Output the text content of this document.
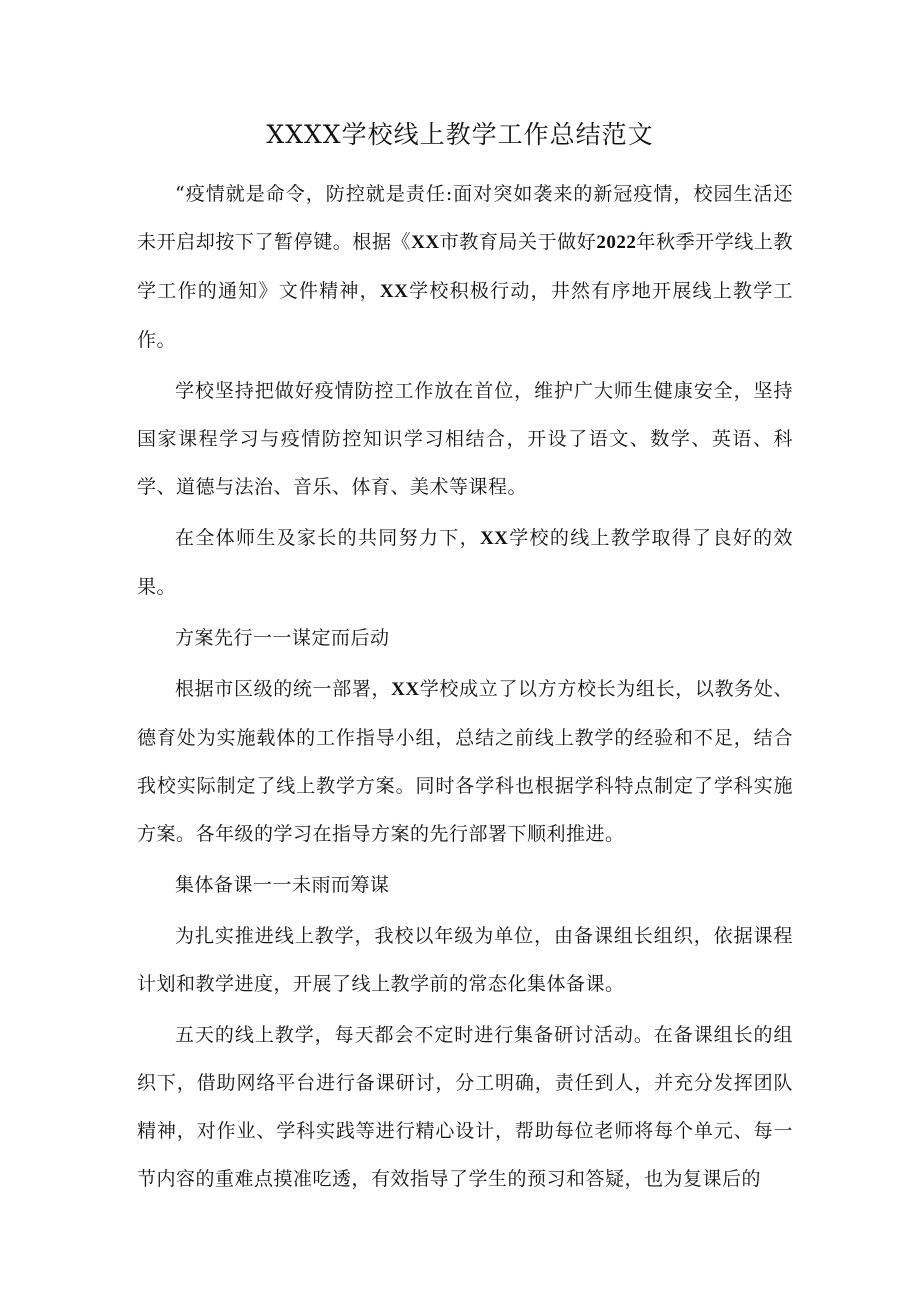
XXXX学校线上教学工作总结范文

“疫情就是命令，防控就是责任:面对突如袭来的新冠疫情，校园生活还未开启却按下了暂停键。根据《XX市教育局关于做好2022年秋季开学线上教学工作的通知》文件精神，XX学校积极行动，井然有序地开展线上教学工作。

学校坚持把做好疫情防控工作放在首位，维护广大师生健康安全，坚持国家课程学习与疫情防控知识学习相结合，开设了语文、数学、英语、科学、道德与法治、音乐、体育、美术等课程。

在全体师生及家长的共同努力下，XX学校的线上教学取得了良好的效果。

方案先行一一谋定而后动

根据市区级的统一部署，XX学校成立了以方方校长为组长，以教务处、德育处为实施载体的工作指导小组，总结之前线上教学的经验和不足，结合我校实际制定了线上教学方案。同时各学科也根据学科特点制定了学科实施方案。各年级的学习在指导方案的先行部署下顺利推进。

集体备课一一未雨而筹谋

为扎实推进线上教学，我校以年级为单位，由备课组长组织，依据课程计划和教学进度，开展了线上教学前的常态化集体备课。

五天的线上教学，每天都会不定时进行集备研讨活动。在备课组长的组织下，借助网络平台进行备课研讨，分工明确，责任到人，并充分发挥团队精神，对作业、学科实践等进行精心设计，帮助每位老师将每个单元、每一节内容的重难点摸准吃透，有效指导了学生的预习和答疑，也为复课后的
